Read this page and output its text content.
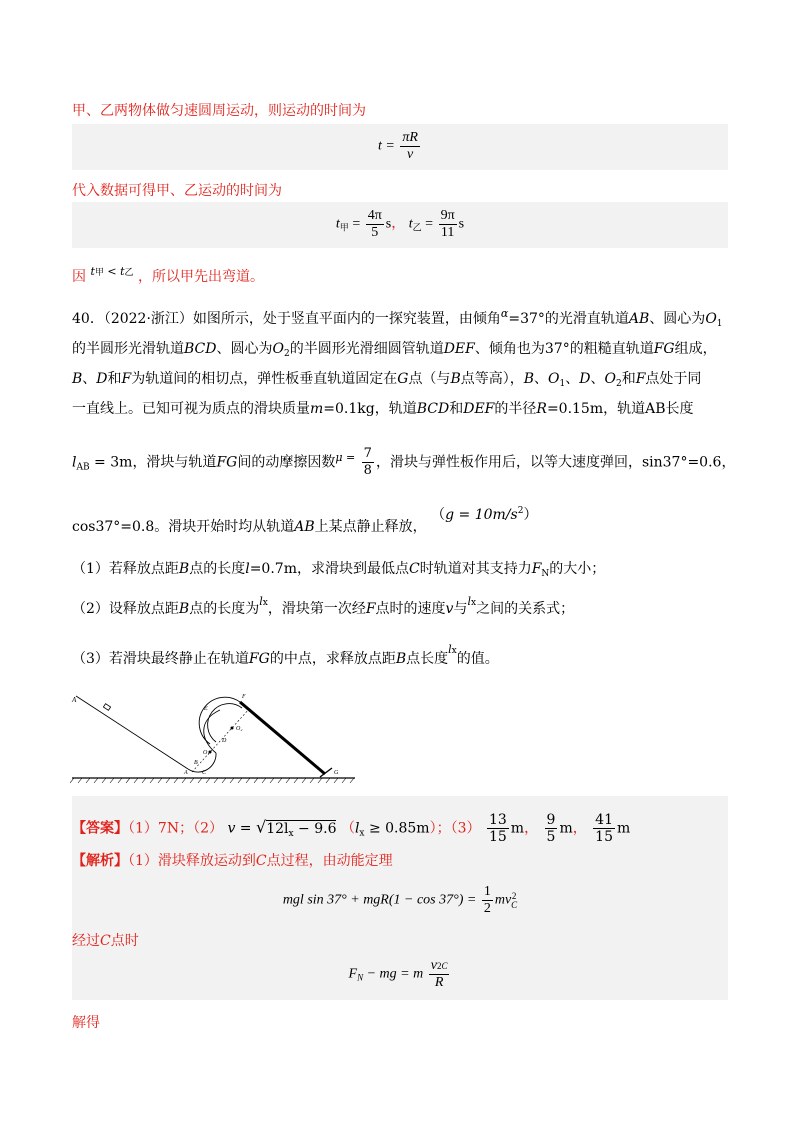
甲、乙两物体做匀速圆周运动，则运动的时间为
$t = \frac{\pi R}{v}$
代入数据可得甲、乙运动的时间为
$t_甲 = \frac{4\pi}{5}$ s， $t_乙 = \frac{9\pi}{11}$ s
因 $^{t甲 < t乙}$ ，所以甲先出弯道。
40．（2022·浙江）如图所示，处于竖直平面内的一探究装置，由倾角$^\alpha$=37°的光滑直轨道AB、圆心为$O_1$
的半圆形光滑轨道BCD、圆心为$O_2$的半圆形光滑细圆管轨道DEF、倾角也为37°的粗糙直轨道FG组成，
B、D和F为轨道间的相切点，弹性板垂直轨道固定在G点（与B点等高），B、$O_1$、D、$O_2$和F点处于同
一直线上。已知可视为质点的滑块质量m=0.1kg，轨道BCD和DEF的半径R=0.15m，轨道AB长度
$l_{AB} = 3m$，滑块与轨道FG间的动摩擦因数$^{\mu =} \frac{7}{8}$ ，滑块与弹性板作用后，以等大速度弹回，sin37°=0.6，
cos37°=0.8。滑块开始时均从轨道AB上某点静止释放， $(g = 10m/s^2)$
（1）若释放点距B点的长度l=0.7m，求滑块到最低点C时轨道对其支持力$F_N$的大小；
（2）设释放点距B点的长度为$^{lx}$，滑块第一次经F点时的速度v与$^{lx}$之间的关系式；
（3）若滑块最终静止在轨道FG的中点，求释放点距B点长度$^{lx}$的值。
A
E
F
O₂
D
O₁
B
A C	G
【答案】（1）7N；（2） $v = √12l_x - 9.6$ $(l_x \ge 0.85m)$；$(3) \frac{13}{15}$ m， $\frac{9}{5}$ m， $\frac{41}{15}$ m
【解析】（1）滑块释放运动到C点过程，由动能定理
mgl $\sin 37^\circ + mgR(1 - \cos 37^\circ) = \frac{1}{2}$ mv 2
C
经过C点时
$F_N$ − mg = m $\frac{v2C}{R}$
解得
